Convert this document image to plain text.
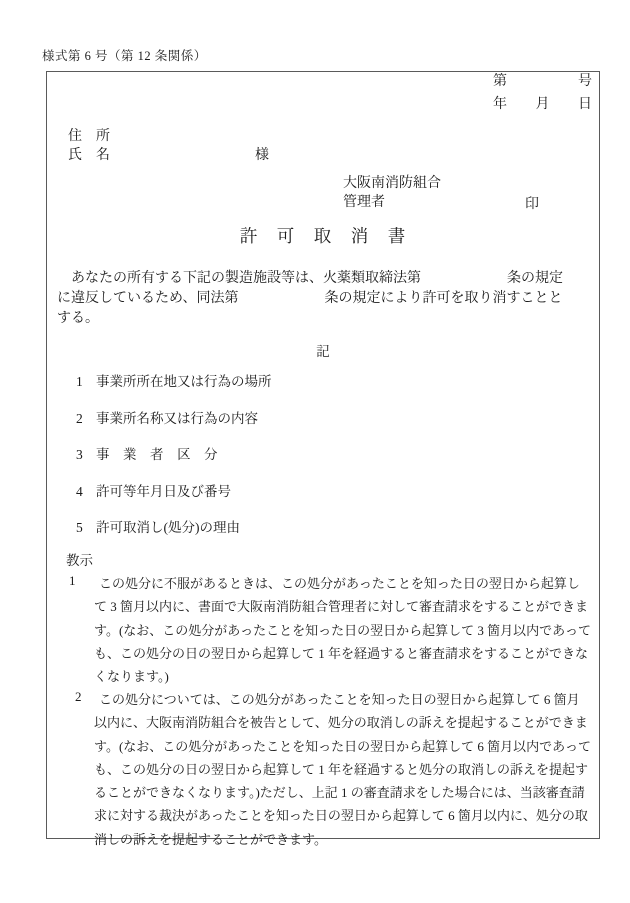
様式第 6 号（第 12 条関係）
第	号
年 月 日
住　所
氏　名	様
大阪南消防組合
管理者	印
許　可　取　消　書
　あなたの所有する下記の製造施設等は、火薬類取締法第	条の規定
に違反しているため、同法第	条の規定により許可を取り消すことと
する。
記
1 事業所所在地又は行為の場所
2 事業所名称又は行為の内容
3 事　業　者　区　分
4 許可等年月日及び番号
5 許可取消し(処分)の理由
教示
1	この処分に不服があるときは、この処分があったことを知った日の翌日から起算し
て 3 箇月以内に、書面で大阪南消防組合管理者に対して審査請求をすることができま
す。(なお、この処分があったことを知った日の翌日から起算して 3 箇月以内であって
も、この処分の日の翌日から起算して 1 年を経過すると審査請求をすることができな
くなります。)
2	この処分については、この処分があったことを知った日の翌日から起算して 6 箇月
以内に、大阪南消防組合を被告として、処分の取消しの訴えを提起することができま
す。(なお、この処分があったことを知った日の翌日から起算して 6 箇月以内であって
も、この処分の日の翌日から起算して 1 年を経過すると処分の取消しの訴えを提起す
ることができなくなります。)ただし、上記 1 の審査請求をした場合には、当該審査請
求に対する裁決があったことを知った日の翌日から起算して 6 箇月以内に、処分の取
消しの訴えを提起することができます。
